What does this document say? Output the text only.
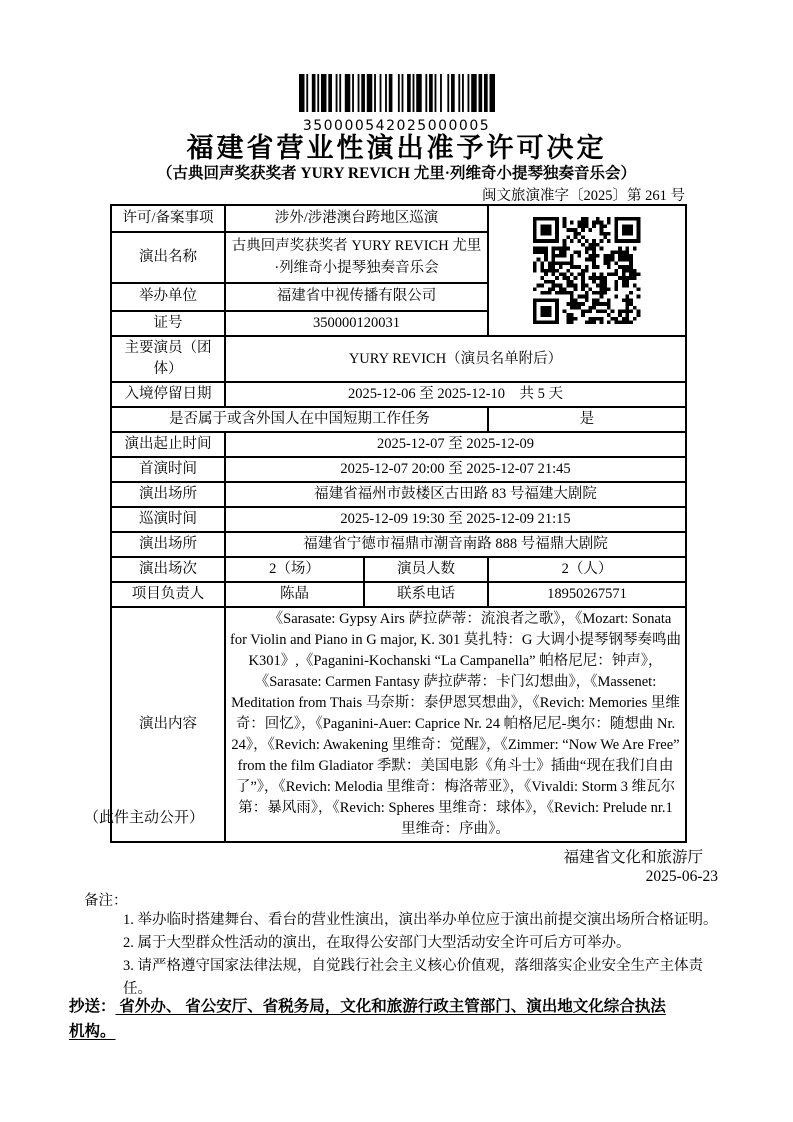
350000542025000005
福建省营业性演出准予许可决定
（古典回声奖获奖者 YURY REVICH 尤里·列维奇小提琴独奏音乐会）
闽文旅演准字〔2025〕第 261 号
许可/备案事项	涉外/涉港澳台跨地区巡演	

演出名称	古典回声奖获奖者 YURY REVICH 尤里·列维奇小提琴独奏音乐会		
举办单位	福建省中视传播有限公司		
证号	350000120031		
主要演员（团体）	YURY REVICH（演员名单附后）		
入境停留日期	2025-12-06 至 2025-12-10　共 5 天		
是否属于或含外国人在中国短期工作任务			是
演出起止时间	2025-12-07 至 2025-12-09		
首演时间	2025-12-07 20:00 至 2025-12-07 21:45		
演出场所	福建省福州市鼓楼区古田路 83 号福建大剧院		
巡演时间	2025-12-09 19:30 至 2025-12-09 21:15		
演出场所	福建省宁德市福鼎市潮音南路 888 号福鼎大剧院		
演出场次	2（场）	演员人数	2（人）
项目负责人	陈晶	联系电话	18950267571
演出内容	《Sarasate: Gypsy Airs 萨拉萨蒂：流浪者之歌》，《Mozart: Sonata for Violin and Piano in G major, K. 301 莫扎特：G 大调小提琴钢琴奏鸣曲 K301》,《Paganini-Kochanski “La Campanella” 帕格尼尼：钟声》，《Sarasate: Carmen Fantasy 萨拉萨蒂：卡门幻想曲》，《Massenet: Meditation from Thais 马奈斯：泰伊恩冥想曲》，《Revich: Memories 里维奇：回忆》，《Paganini-Auer: Caprice Nr. 24 帕格尼尼-奥尔：随想曲 Nr. 24》，《Revich: Awakening 里维奇：觉醒》，《Zimmer: “Now We Are Free” from the film Gladiator 季默：美国电影《角斗士》插曲“现在我们自由了”》，《Revich: Melodia 里维奇：梅洛蒂亚》，《Vivaldi: Storm 3 维瓦尔第：暴风雨》，《Revich: Spheres 里维奇：球体》，《Revich: Prelude nr.1 里维奇：序曲》。		
（此件主动公开）
福建省文化和旅游厅
2025-06-23
备注：
1. 举办临时搭建舞台、看台的营业性演出，演出举办单位应于演出前提交演出场所合格证明。
2. 属于大型群众性活动的演出，在取得公安部门大型活动安全许可后方可举办。
3. 请严格遵守国家法律法规，自觉践行社会主义核心价值观，落细落实企业安全生产主体责任。
抄送： 省外办、 省公安厅、省税务局，文化和旅游行政主管部门、演出地文化综合执法机构。
